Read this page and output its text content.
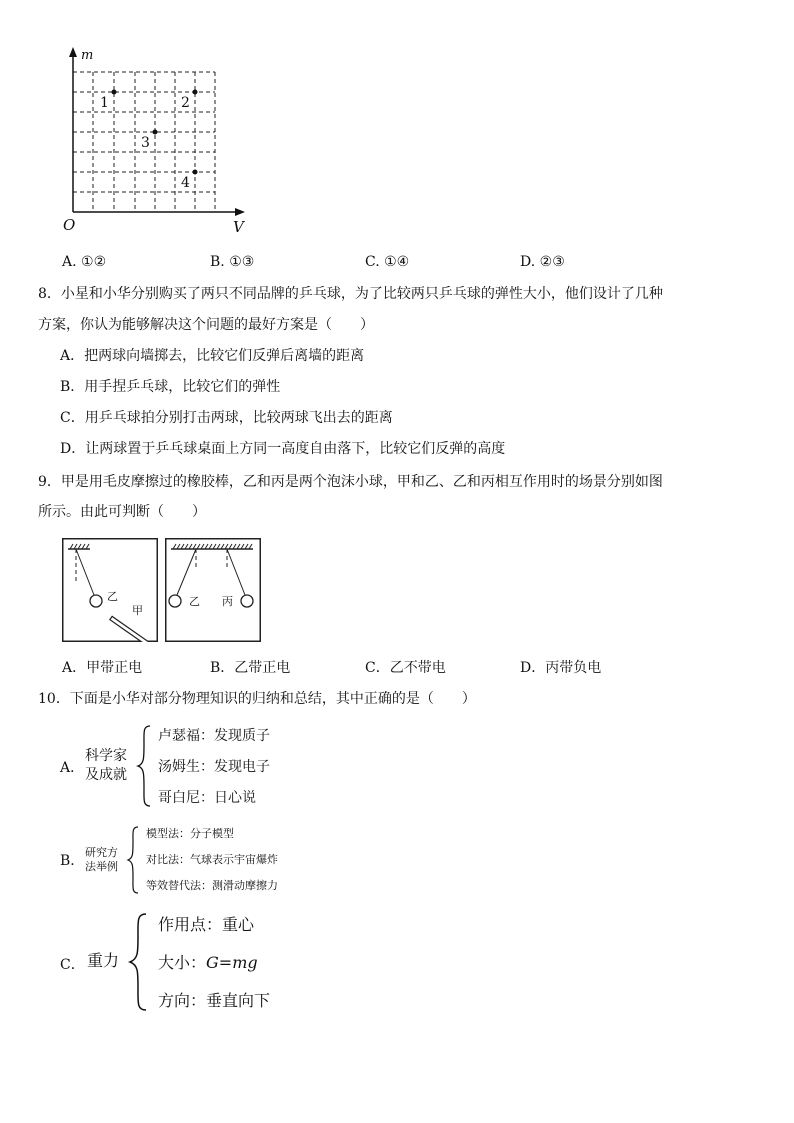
1	2
3
4
m
O	V
A. ①②	B. ①③	C. ①④	D. ②③
8．小星和小华分别购买了两只不同品牌的乒乓球，为了比较两只乒乓球的弹性大小，他们设计了几种
方案，你认为能够解决这个问题的最好方案是（　　）
A．把两球向墙掷去，比较它们反弹后离墙的距离
B．用手捏乒乓球，比较它们的弹性
C．用乒乓球拍分别打击两球，比较两球飞出去的距离
D．让两球置于乒乓球桌面上方同一高度自由落下，比较它们反弹的高度
9．甲是用毛皮摩擦过的橡胶棒，乙和丙是两个泡沫小球，甲和乙、乙和丙相互作用时的场景分别如图
所示。由此可判断（　　）
乙
甲
乙 丙
A．甲带正电	B．乙带正电	C．乙不带电	D．丙带负电
10．下面是小华对部分物理知识的归纳和总结，其中正确的是（　　）
A．
科学家
及成就
卢瑟福：发现质子
汤姆生：发现电子
哥白尼：日心说
B．
研究方
法举例
模型法：分子模型
对比法：气球表示宇宙爆炸
等效替代法：测滑动摩擦力
C． 重力
作用点：重心
大小：G=mg
方向：垂直向下
